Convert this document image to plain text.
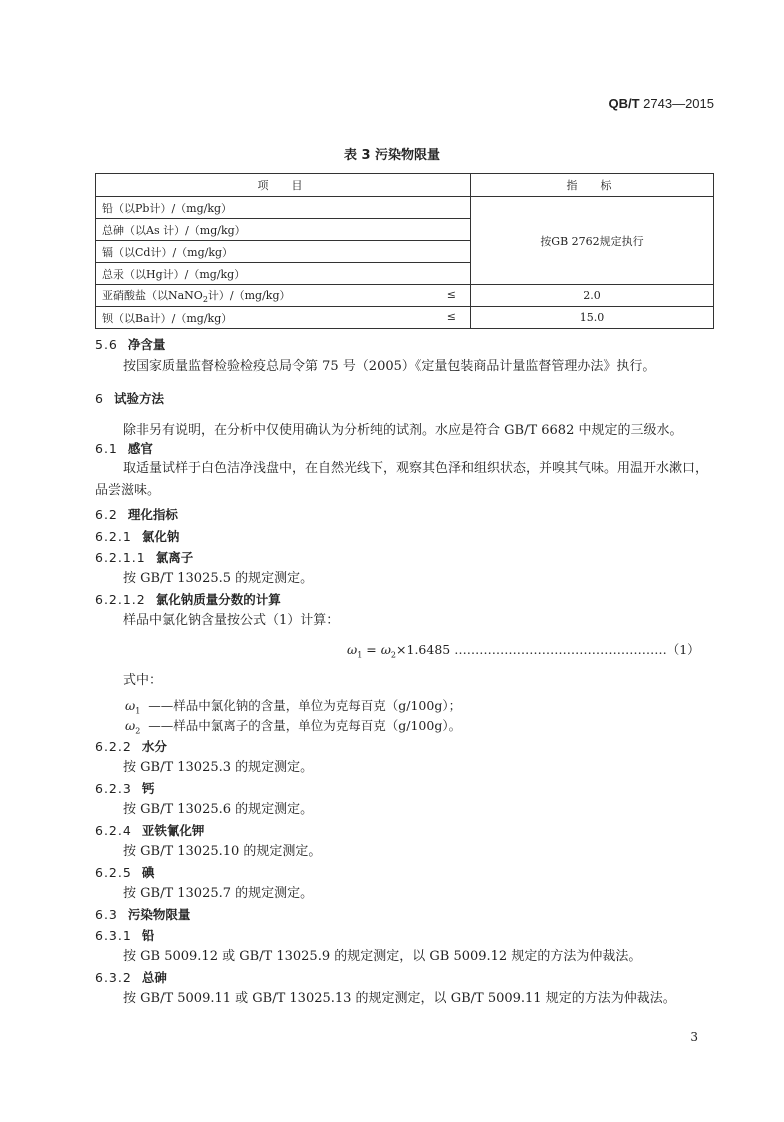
QB/T 2743—2015
表 3 污染物限量
项　目	指　标
铅（以Pb计）/（mg/kg）	按GB 2762规定执行
总砷（以As 计）/（mg/kg）	
镉（以Cd计）/（mg/kg）	
总汞（以Hg计）/（mg/kg）	
亚硝酸盐（以NaNO$_2$计）/（mg/kg） ≤	2.0
钡（以Ba计）/（mg/kg） ≤	15.0
5.6 净含量
按国家质量监督检验检疫总局令第 75 号（2005）《定量包装商品计量监督管理办法》执行。
6 试验方法
除非另有说明，在分析中仅使用确认为分析纯的试剂。水应是符合 GB/T 6682 中规定的三级水。
6.1 感官
取适量试样于白色洁净浅盘中，在自然光线下，观察其色泽和组织状态，并嗅其气味。用温开水漱口，品尝滋味。
6.2 理化指标
6.2.1 氯化钠
6.2.1.1 氯离子
按 GB/T 13025.5 的规定测定。
6.2.1.2 氯化钠质量分数的计算
样品中氯化钠含量按公式（1）计算：
$\omega_1 = \omega_2\times 1.6485$ ……………………………………………（1）
式中：
$\omega_1$ ——样品中氯化钠的含量，单位为克每百克（g/100g）；
$\omega_2$ ——样品中氯离子的含量，单位为克每百克（g/100g）。
6.2.2 水分
按 GB/T 13025.3 的规定测定。
6.2.3 钙
按 GB/T 13025.6 的规定测定。
6.2.4 亚铁氰化钾
按 GB/T 13025.10 的规定测定。
6.2.5 碘
按 GB/T 13025.7 的规定测定。
6.3 污染物限量
6.3.1 铅
按 GB 5009.12 或 GB/T 13025.9 的规定测定，以 GB 5009.12 规定的方法为仲裁法。
6.3.2 总砷
按 GB/T 5009.11 或 GB/T 13025.13 的规定测定，以 GB/T 5009.11 规定的方法为仲裁法。
3
